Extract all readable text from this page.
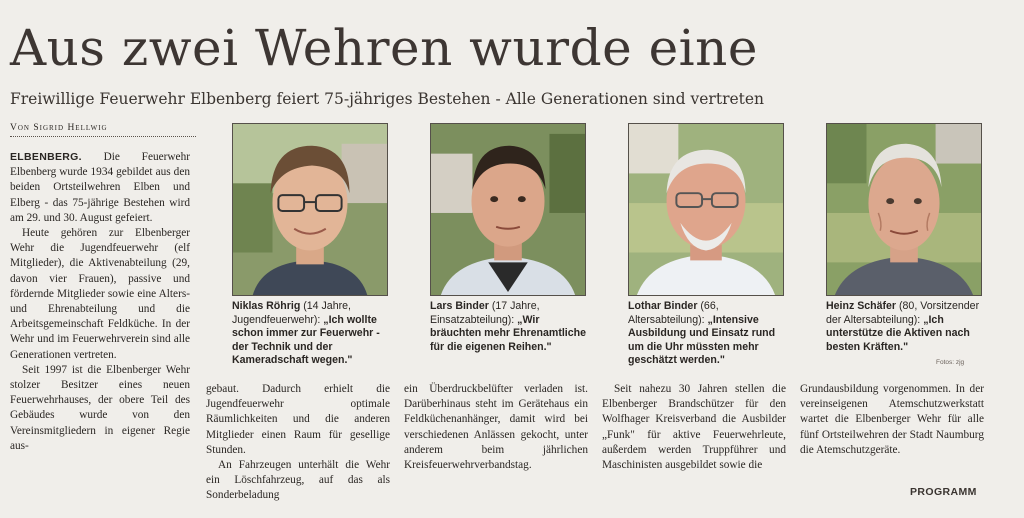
Aus zwei Wehren wurde eine
Freiwillige Feuerwehr Elbenberg feiert 75-jähriges Bestehen - Alle Generationen sind vertreten
Von Sigrid Hellwig

ELBENBERG. Die Feuerwehr Elbenberg wurde 1934 gebildet aus den beiden Ortsteilwehren Elben und Elberg - das 75-jährige Bestehen wird am 29. und 30. August gefeiert.

Heute gehören zur Elbenberger Wehr die Jugendfeuerwehr (elf Mitglieder), die Aktivenabteilung (29, davon vier Frauen), passive und fördernde Mitglieder sowie eine Alters- und Ehrenabteilung und die Arbeitsgemeinschaft Feldküche. In der Wehr und im Feuerwehrverein sind alle Generationen vertreten.

Seit 1997 ist die Elbenberger Wehr stolzer Besitzer eines neuen Feuerwehrhauses, der obere Teil des Gebäudes wurde von den Vereinsmitgliedern in eigener Regie aus-

Niklas Röhrig (14 Jahre, Jugendfeuerwehr): „Ich wollte schon immer zur Feuerwehr - der Technik und der Kameradschaft wegen."
Lars Binder (17 Jahre, Einsatzabteilung): „Wir bräuchten mehr Ehrenamtliche für die eigenen Reihen."
Lothar Binder (66, Altersabteilung): „Intensive Ausbildung und Einsatz rund um die Uhr müssten mehr geschätzt werden."
Heinz Schäfer (80, Vorsitzender der Altersabteilung): „Ich unterstütze die Aktiven nach besten Kräften."
Fotos: zjg

gebaut. Dadurch erhielt die Jugendfeuerwehr optimale Räumlichkeiten und die anderen Mitglieder einen Raum für gesellige Stunden.

An Fahrzeugen unterhält die Wehr ein Löschfahrzeug, auf das als Sonderbeladung

ein Überdruckbelüfter verladen ist. Darüberhinaus steht im Gerätehaus ein Feldküchenanhänger, damit wird bei verschiedenen Anlässen gekocht, unter anderem beim jährlichen Kreisfeuerwehrverbandstag.

Seit nahezu 30 Jahren stellen die Elbenberger Brandschützer für den Wolfhager Kreisverband die Ausbilder „Funk" für aktive Feuerwehrleute, außerdem werden Truppführer und Maschinisten ausgebildet sowie die

Grundausbildung vorgenommen. In der vereinseigenen Atemschutzwerkstatt wartet die Elbenberger Wehr für alle fünf Ortsteilwehren der Stadt Naumburg die Atemschutzgeräte.

PROGRAMM
